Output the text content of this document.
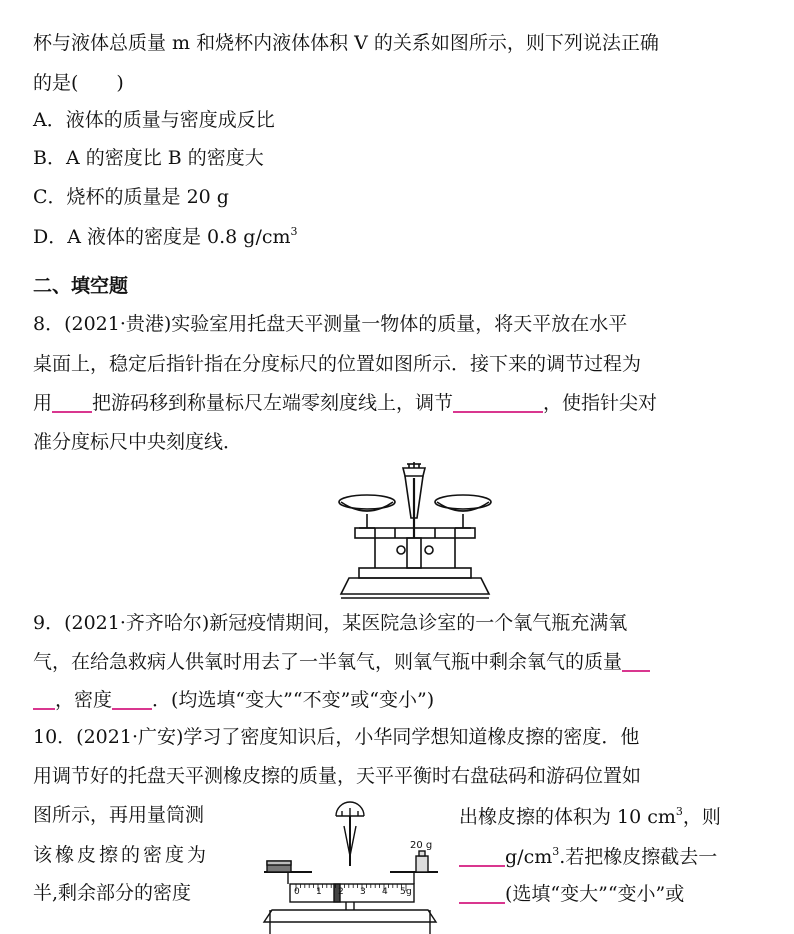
杯与液体总质量 m 和烧杯内液体体积 V 的关系如图所示，则下列说法正确
的是(　　)
A．液体的质量与密度成反比
B．A 的密度比 B 的密度大
C．烧杯的质量是 20 g
D．A 液体的密度是 0.8 $g/cm^3$
二、填空题
8．(2021·贵港)实验室用托盘天平测量一物体的质量，将天平放在水平
桌面上，稳定后指针指在分度标尺的位置如图所示．接下来的调节过程为
用 把游码移到称量标尺左端零刻度线上，调节	，使指针尖对
准分度标尺中央刻度线．
9．(2021·齐齐哈尔)新冠疫情期间，某医院急诊室的一个氧气瓶充满氧
气，在给急救病人供氧时用去了一半氧气，则氧气瓶中剩余氧气的质量
，密度 ．(均选填“变大”“不变”或“变小”)
10．(2021·广安)学习了密度知识后，小华同学想知道橡皮擦的密度．他
用调节好的托盘天平测橡皮擦的质量，天平平衡时右盘砝码和游码位置如
图所示，再用量筒测	出橡皮擦的体积为 10 $cm^3$，则
该橡皮擦的密度为	$g/cm^3$.若把橡皮擦截去一
半,剩余部分的密度	(选填“变大”“变小”或
20 g
0 1 2 3 4 5 g
